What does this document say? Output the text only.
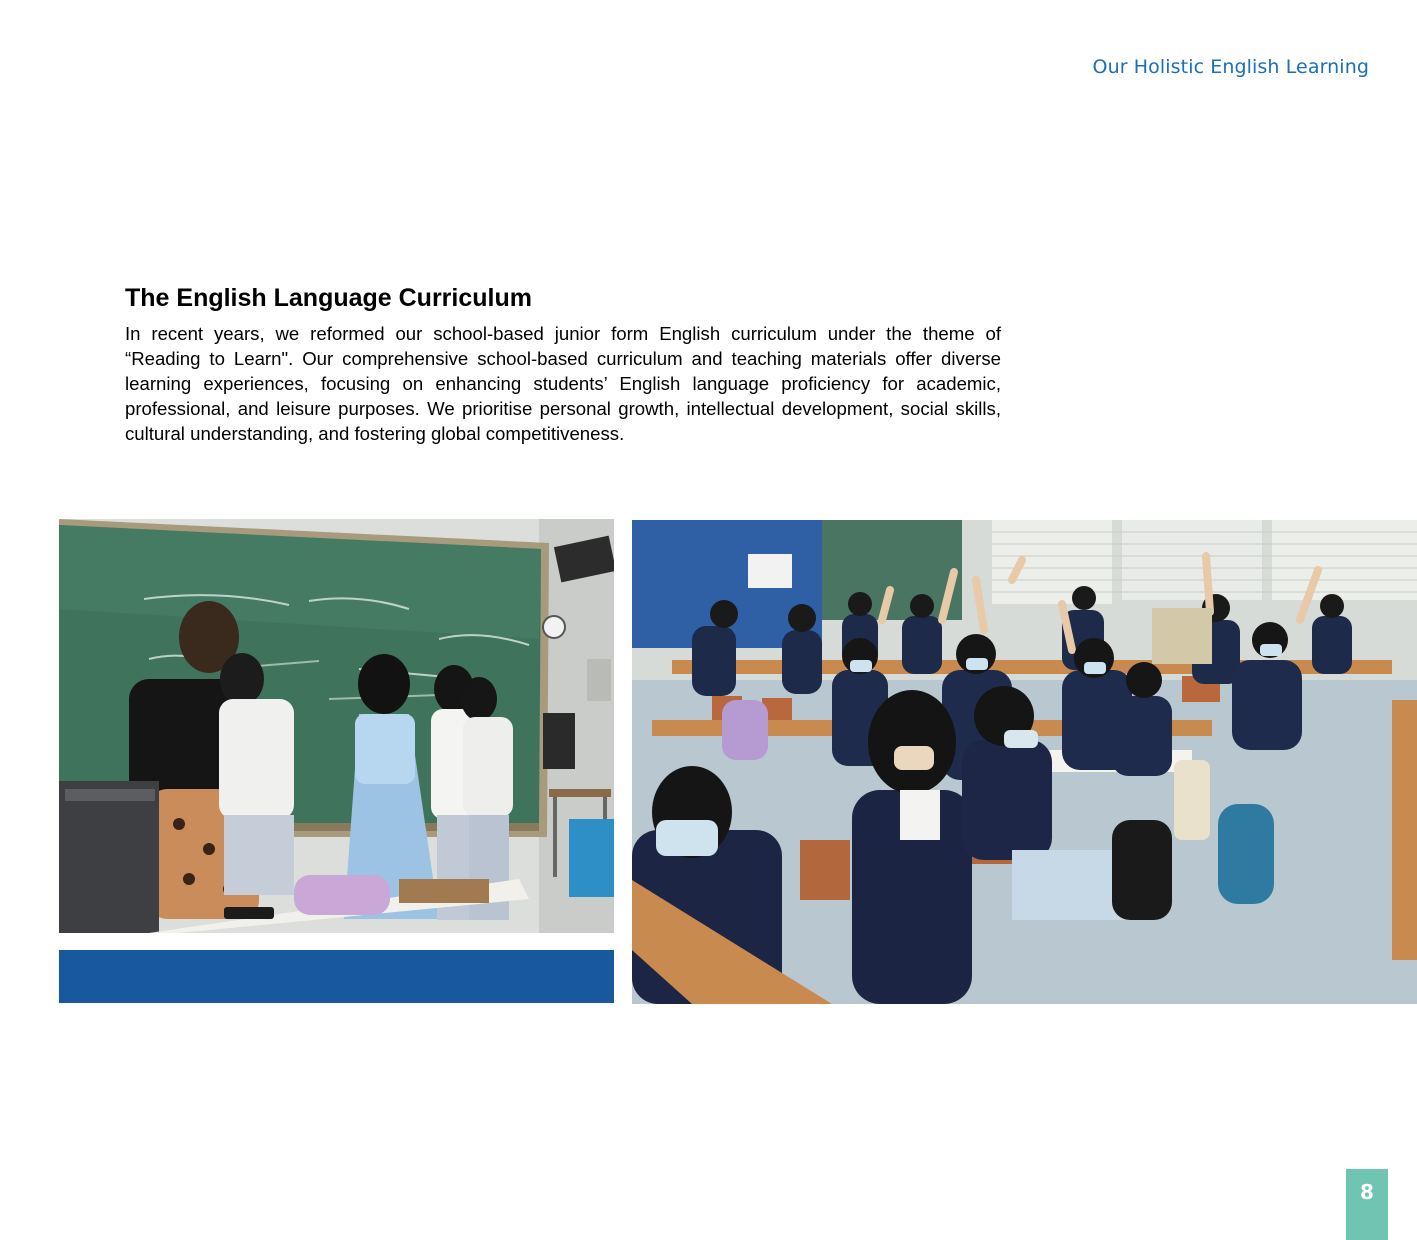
Our Holistic English Learning
The English Language Curriculum

In recent years, we reformed our school-based junior form English curriculum under the theme of “Reading to Learn". Our comprehensive school-based curriculum and teaching materials offer diverse learning experiences, focusing on enhancing students’ English language proficiency for academic, professional, and leisure purposes. We prioritise personal growth, intellectual development, social skills, cultural understanding, and fostering global competitiveness.

8
